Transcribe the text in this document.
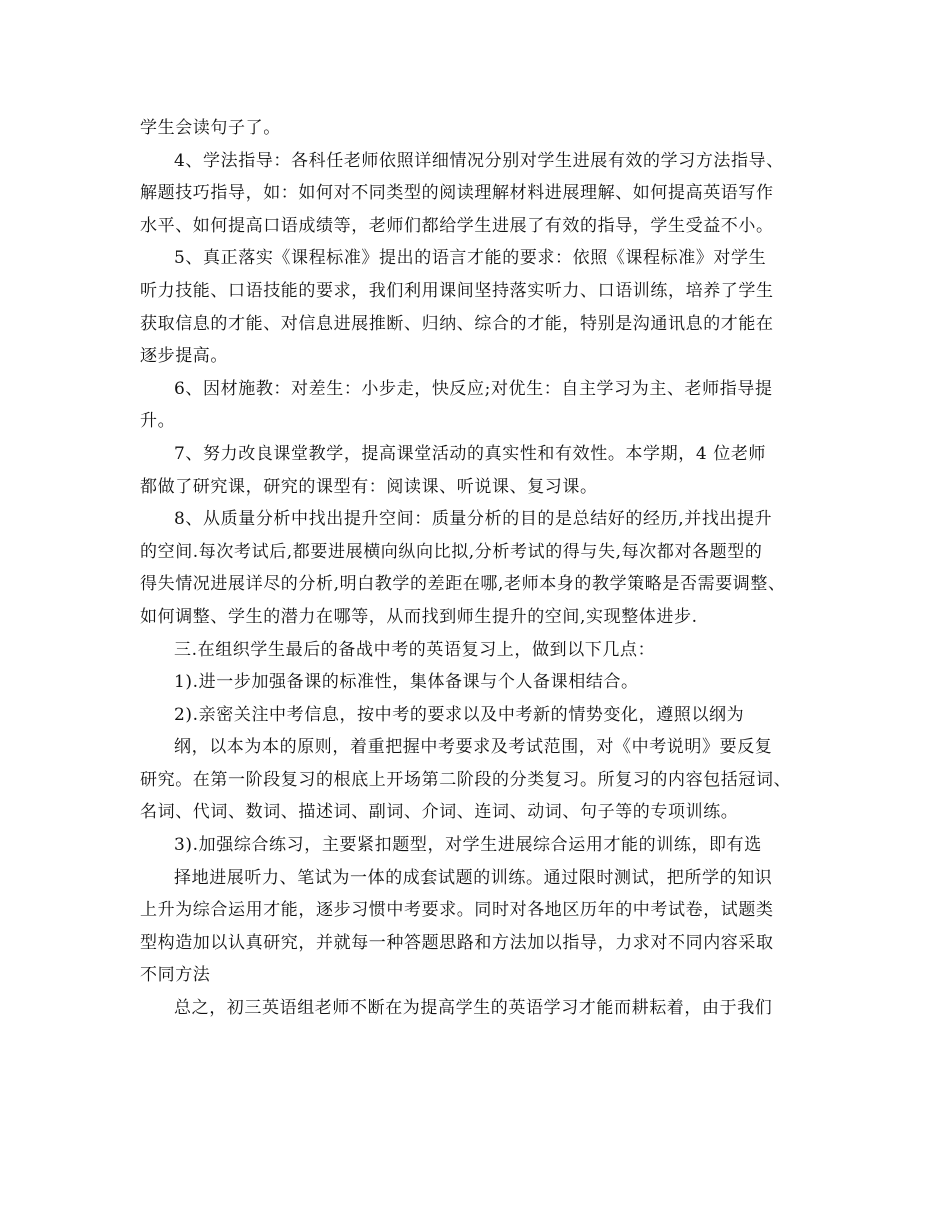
学生会读句子了。
4、学法指导：各科任老师依照详细情况分别对学生进展有效的学习方法指导、
解题技巧指导，如：如何对不同类型的阅读理解材料进展理解、如何提高英语写作
水平、如何提高口语成绩等，老师们都给学生进展了有效的指导，学生受益不小。
5、真正落实《课程标准》提出的语言才能的要求：依照《课程标准》对学生
听力技能、口语技能的要求，我们利用课间坚持落实听力、口语训练，培养了学生
获取信息的才能、对信息进展推断、归纳、综合的才能，特别是沟通讯息的才能在
逐步提高。
6、因材施教：对差生：小步走，快反应;对优生：自主学习为主、老师指导提
升。
7、努力改良课堂教学，提高课堂活动的真实性和有效性。本学期，4 位老师
都做了研究课，研究的课型有：阅读课、听说课、复习课。
8、从质量分析中找出提升空间：质量分析的目的是总结好的经历,并找出提升
的空间.每次考试后,都要进展横向纵向比拟,分析考试的得与失,每次都对各题型的
得失情况进展详尽的分析,明白教学的差距在哪,老师本身的教学策略是否需要调整、
如何调整、学生的潜力在哪等，从而找到师生提升的空间,实现整体进步.
三.在组织学生最后的备战中考的英语复习上，做到以下几点：
1).进一步加强备课的标准性，集体备课与个人备课相结合。
2).亲密关注中考信息，按中考的要求以及中考新的情势变化，遵照以纲为
纲，以本为本的原则，着重把握中考要求及考试范围，对《中考说明》要反复
研究。在第一阶段复习的根底上开场第二阶段的分类复习。所复习的内容包括冠词、
名词、代词、数词、描述词、副词、介词、连词、动词、句子等的专项训练。
3).加强综合练习，主要紧扣题型，对学生进展综合运用才能的训练，即有选
择地进展听力、笔试为一体的成套试题的训练。通过限时测试，把所学的知识
上升为综合运用才能，逐步习惯中考要求。同时对各地区历年的中考试卷，试题类
型构造加以认真研究，并就每一种答题思路和方法加以指导，力求对不同内容采取
不同方法
总之，初三英语组老师不断在为提高学生的英语学习才能而耕耘着，由于我们
